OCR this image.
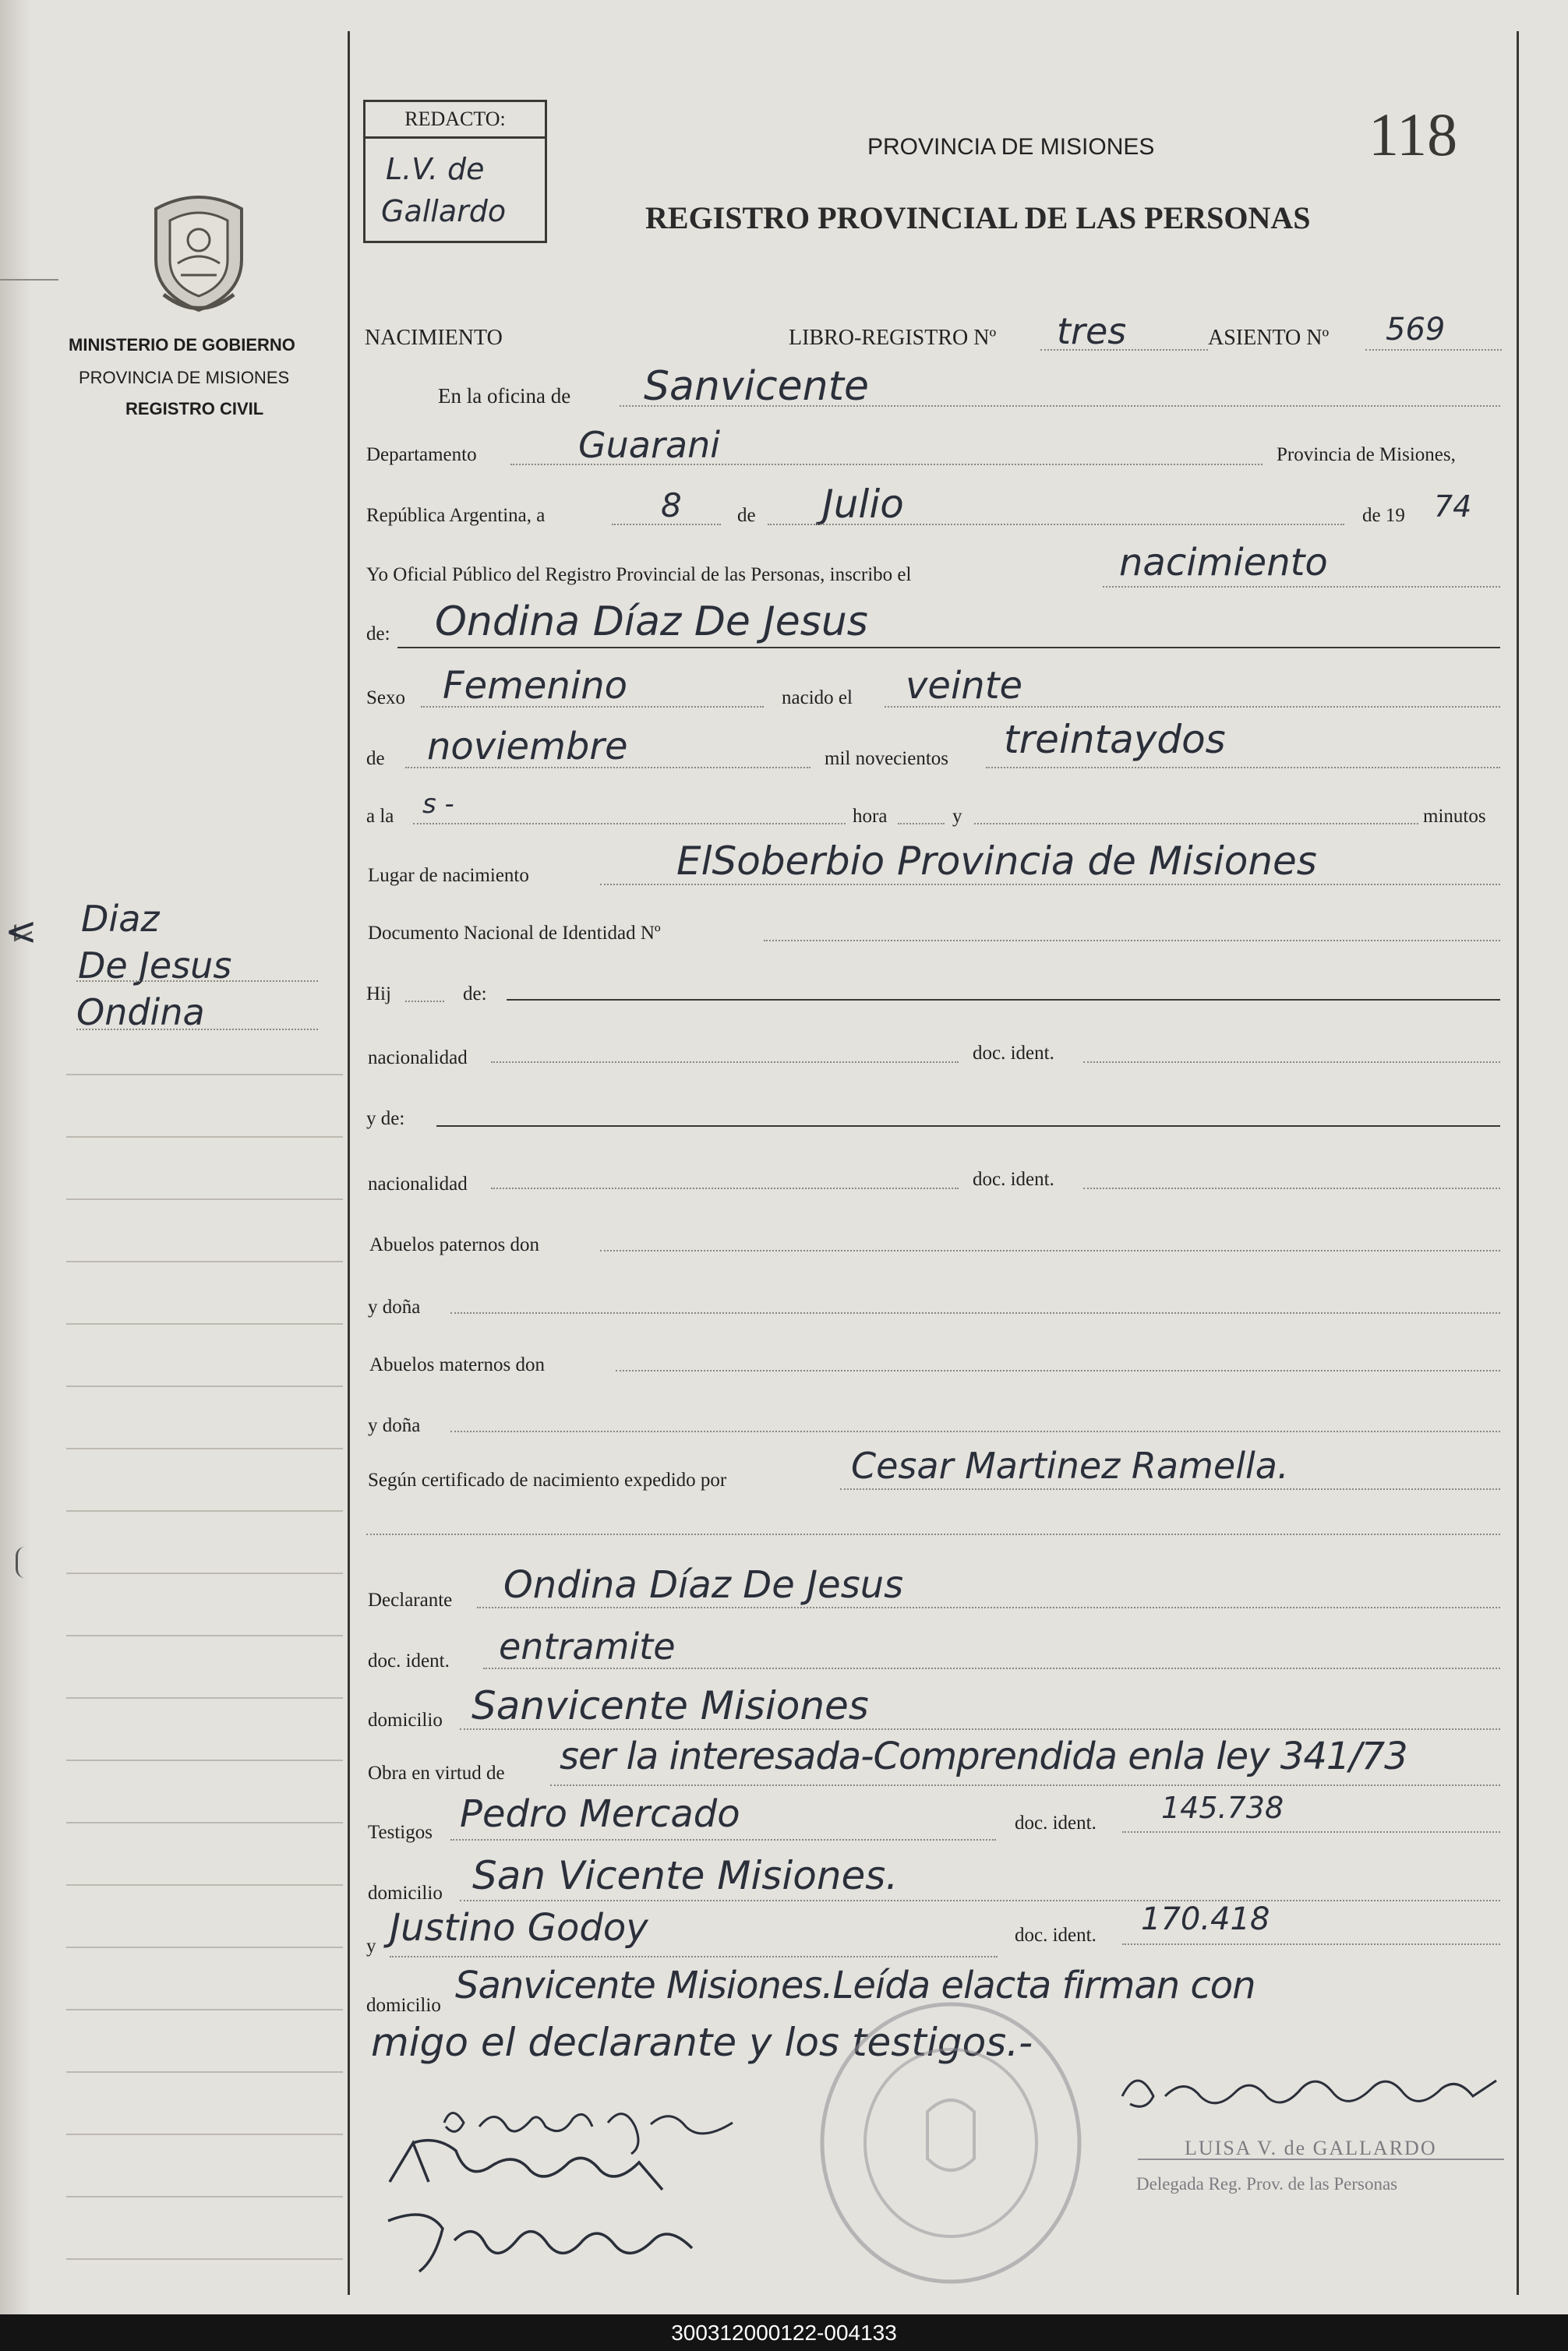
MINISTERIO DE GOBIERNO
PROVINCIA DE MISIONES
REGISTRO CIVIL
REDACTO:
L.V. de
Gallardo
PROVINCIA DE MISIONES	118
REGISTRO PROVINCIAL DE LAS PERSONAS
NACIMIENTO	LIBRO-REGISTRO Nº tres	ASIENTO Nº 569
En la oficina de Sanvicente
Departamento	Guarani	Provincia de Misiones,
República Argentina, a	8	de Julio	de 19 74
Yo Oficial Público del Registro Provincial de las Personas, inscribo el	nacimiento
de: Ondina Díaz De Jesus
Sexo Femenino	nacido el veinte
de noviembre	mil novecientos treintaydos
a la s -	hora	y	minutos
Lugar de nacimiento	ElSoberbio Provincia de Misiones
Documento Nacional de Identidad Nº
Hij	de:
nacionalidad	doc. ident.
y de:
nacionalidad	doc. ident.
Abuelos paternos don
y doña
Abuelos maternos don
y doña
Según certificado de nacimiento expedido por	Cesar Martinez Ramella.
Declarante Ondina Díaz De Jesus
doc. ident. entramite
domicilio Sanvicente Misiones
Obra en virtud de ser la interesada-Comprendida enla ley 341/73
Testigos Pedro Mercado	doc. ident. 145.738
domicilio San Vicente Misiones.
y Justino Godoy	doc. ident. 170.418
domicilio Sanvicente Misiones.Leída elacta firman con
migo el declarante y los testigos.-
LUISA V. de GALLARDO
Delegada Reg. Prov. de las Personas
< Diaz
De Jesus
Ondina
300312000122-004133
